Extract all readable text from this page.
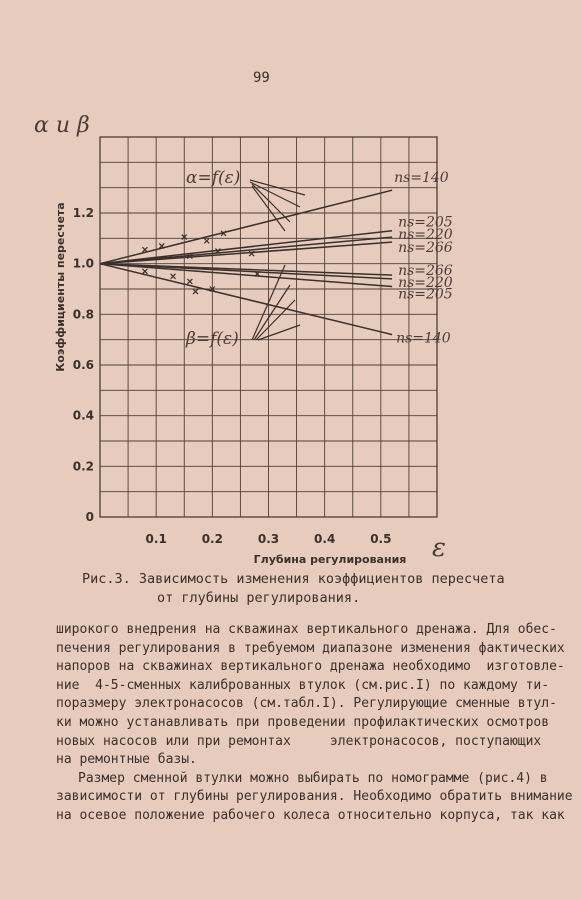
99
0
0.2
0.4
0.6
0.8
1.0
1.2
0.1	0.2	0.3	0.4	0.5
ns=140
ns=205
ns=220
ns=266
ns=266
ns=220
ns=205
ns=140
α=f(ε)
β=f(ε)
α и β
Коэффициенты пересчета
Глубина регулирования ε
Рис.3. Зависимость изменения коэффициентов пересчета
от глубины регулирования.
широкого внедрения на скважинах вертикального дренажа. Для обес-
печения регулирования в требуемом диапазоне изменения фактических
напоров на скважинах вертикального дренажа необходимо  изготовле-
ние  4-5-сменных калиброванных втулок (см.рис.I) по каждому ти-
поразмеру электронасосов (см.табл.I). Регулирующие сменные втул-
ки можно устанавливать при проведении профилактических осмотров
новых насосов или при ремонтах     электронасосов, поступающих
на ремонтные базы.
Размер сменной втулки можно выбирать по номограмме (рис.4) в
зависимости от глубины регулирования. Необходимо обратить внимание
на осевое положение рабочего колеса относительно корпуса, так как
